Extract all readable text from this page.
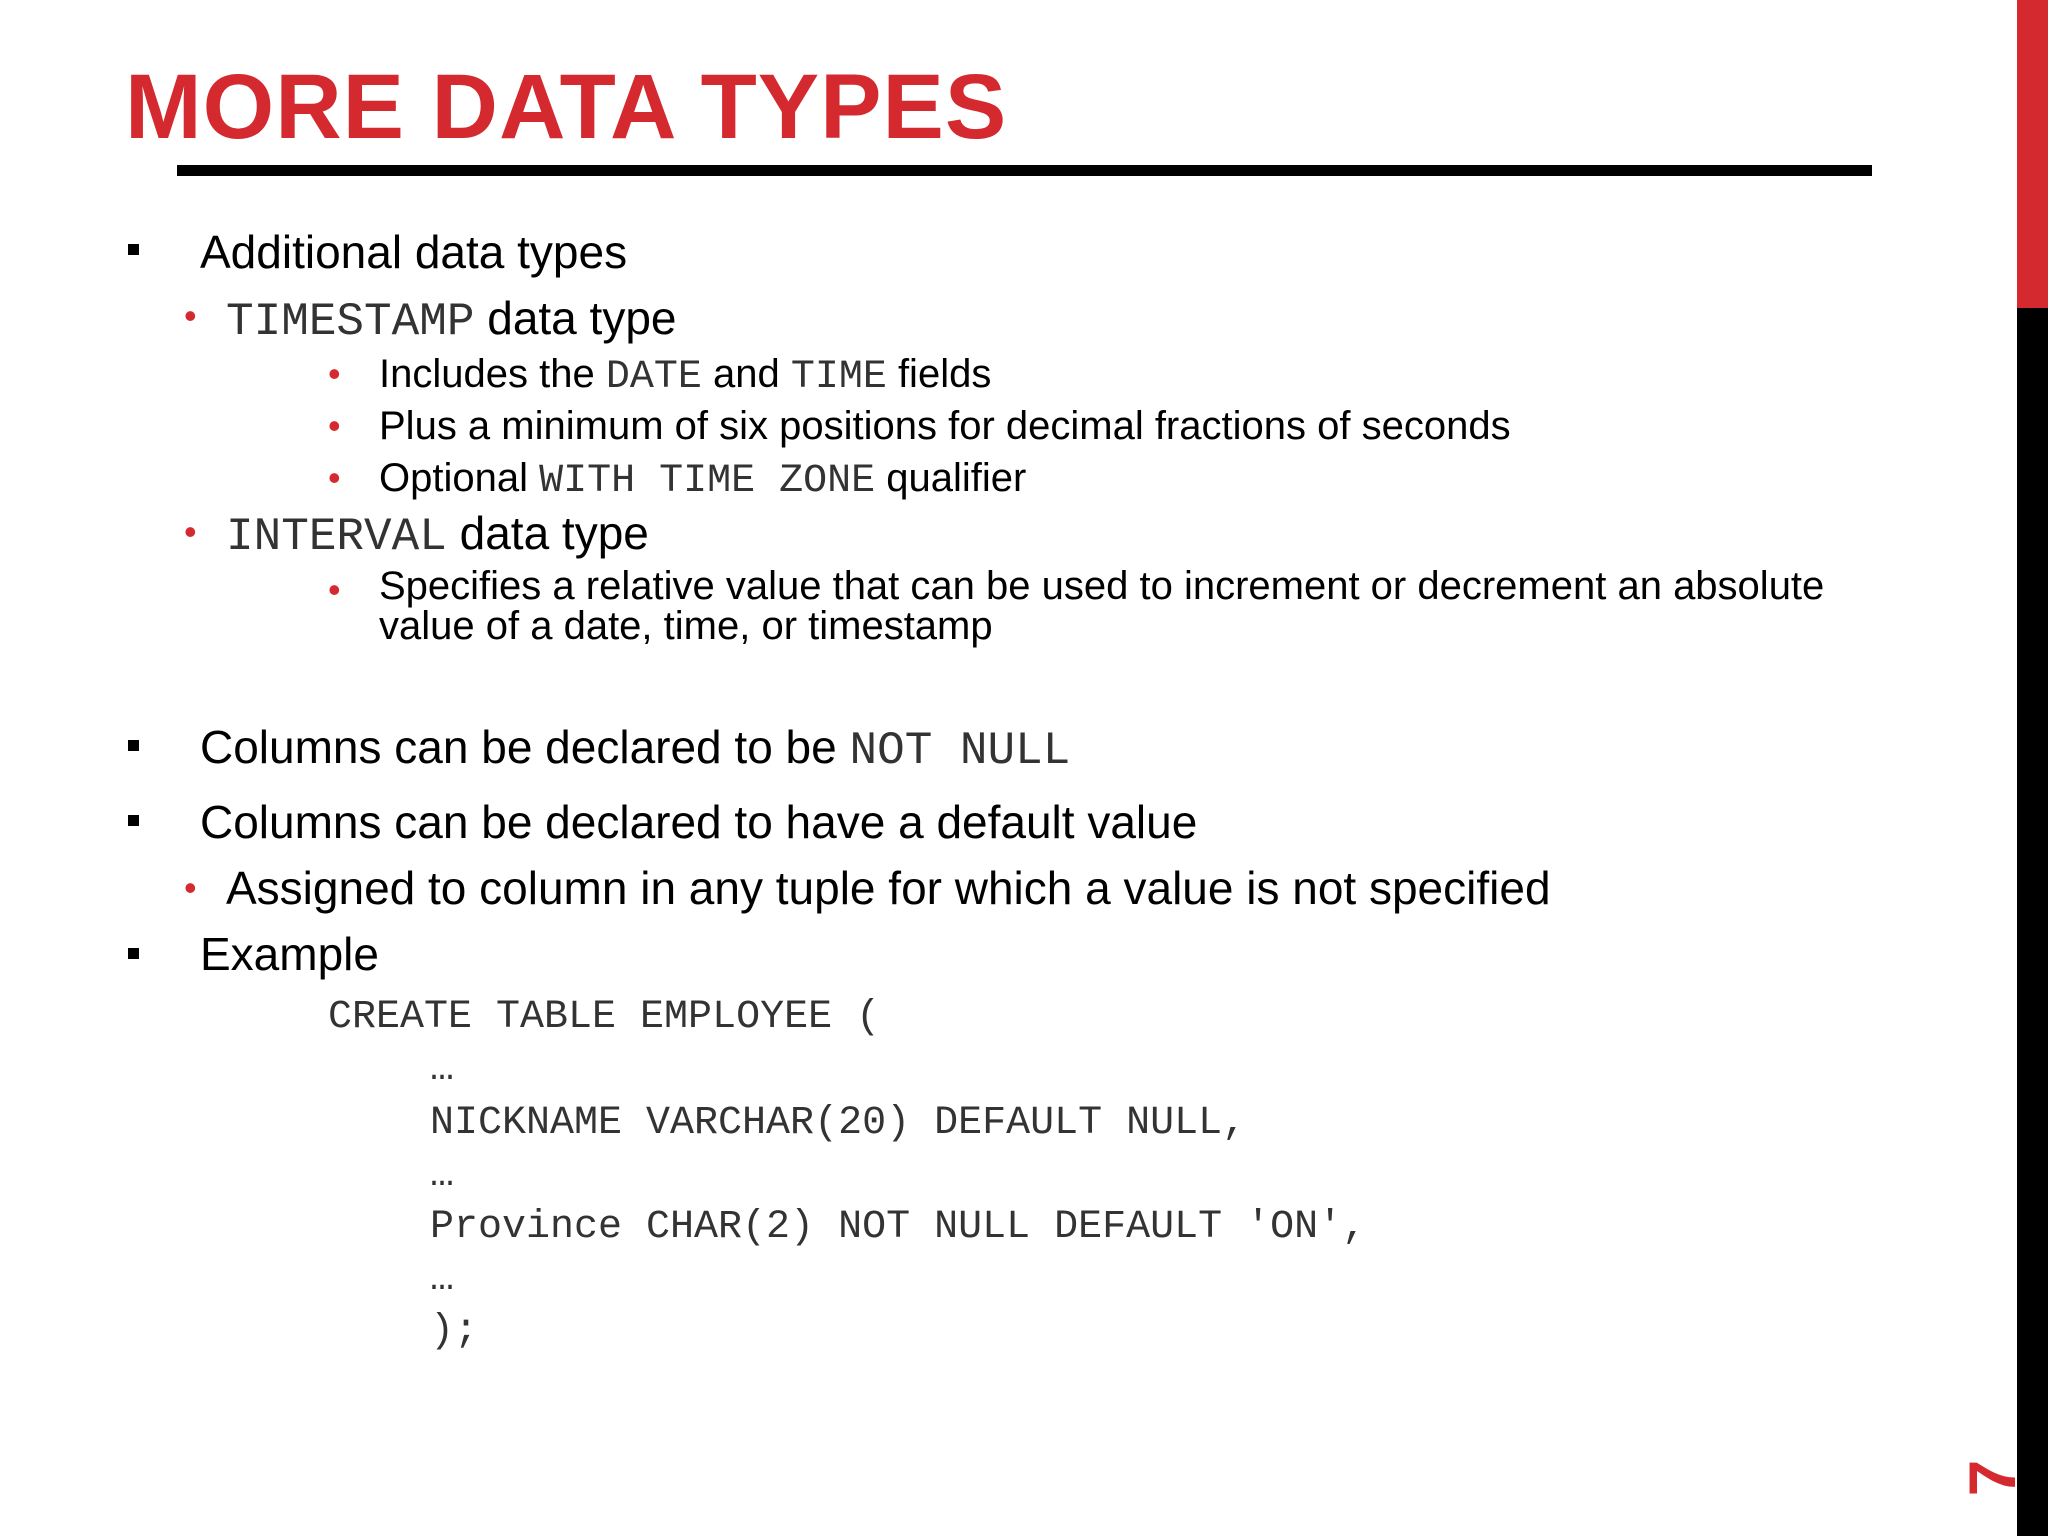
MORE DATA TYPES
7
Additional data types
• TIMESTAMP data type
• Includes the DATE and TIME fields
• Plus a minimum of six positions for decimal fractions of seconds
• Optional WITH TIME ZONE qualifier
• INTERVAL data type
• Specifies a relative value that can be used to increment or decrement an absolute
value of a date, time, or timestamp
Columns can be declared to be NOT NULL
Columns can be declared to have a default value
• Assigned to column in any tuple for which a value is not specified
Example
CREATE TABLE EMPLOYEE (
…
NICKNAME VARCHAR(20) DEFAULT NULL,
…
Province CHAR(2) NOT NULL DEFAULT 'ON',
…
);
